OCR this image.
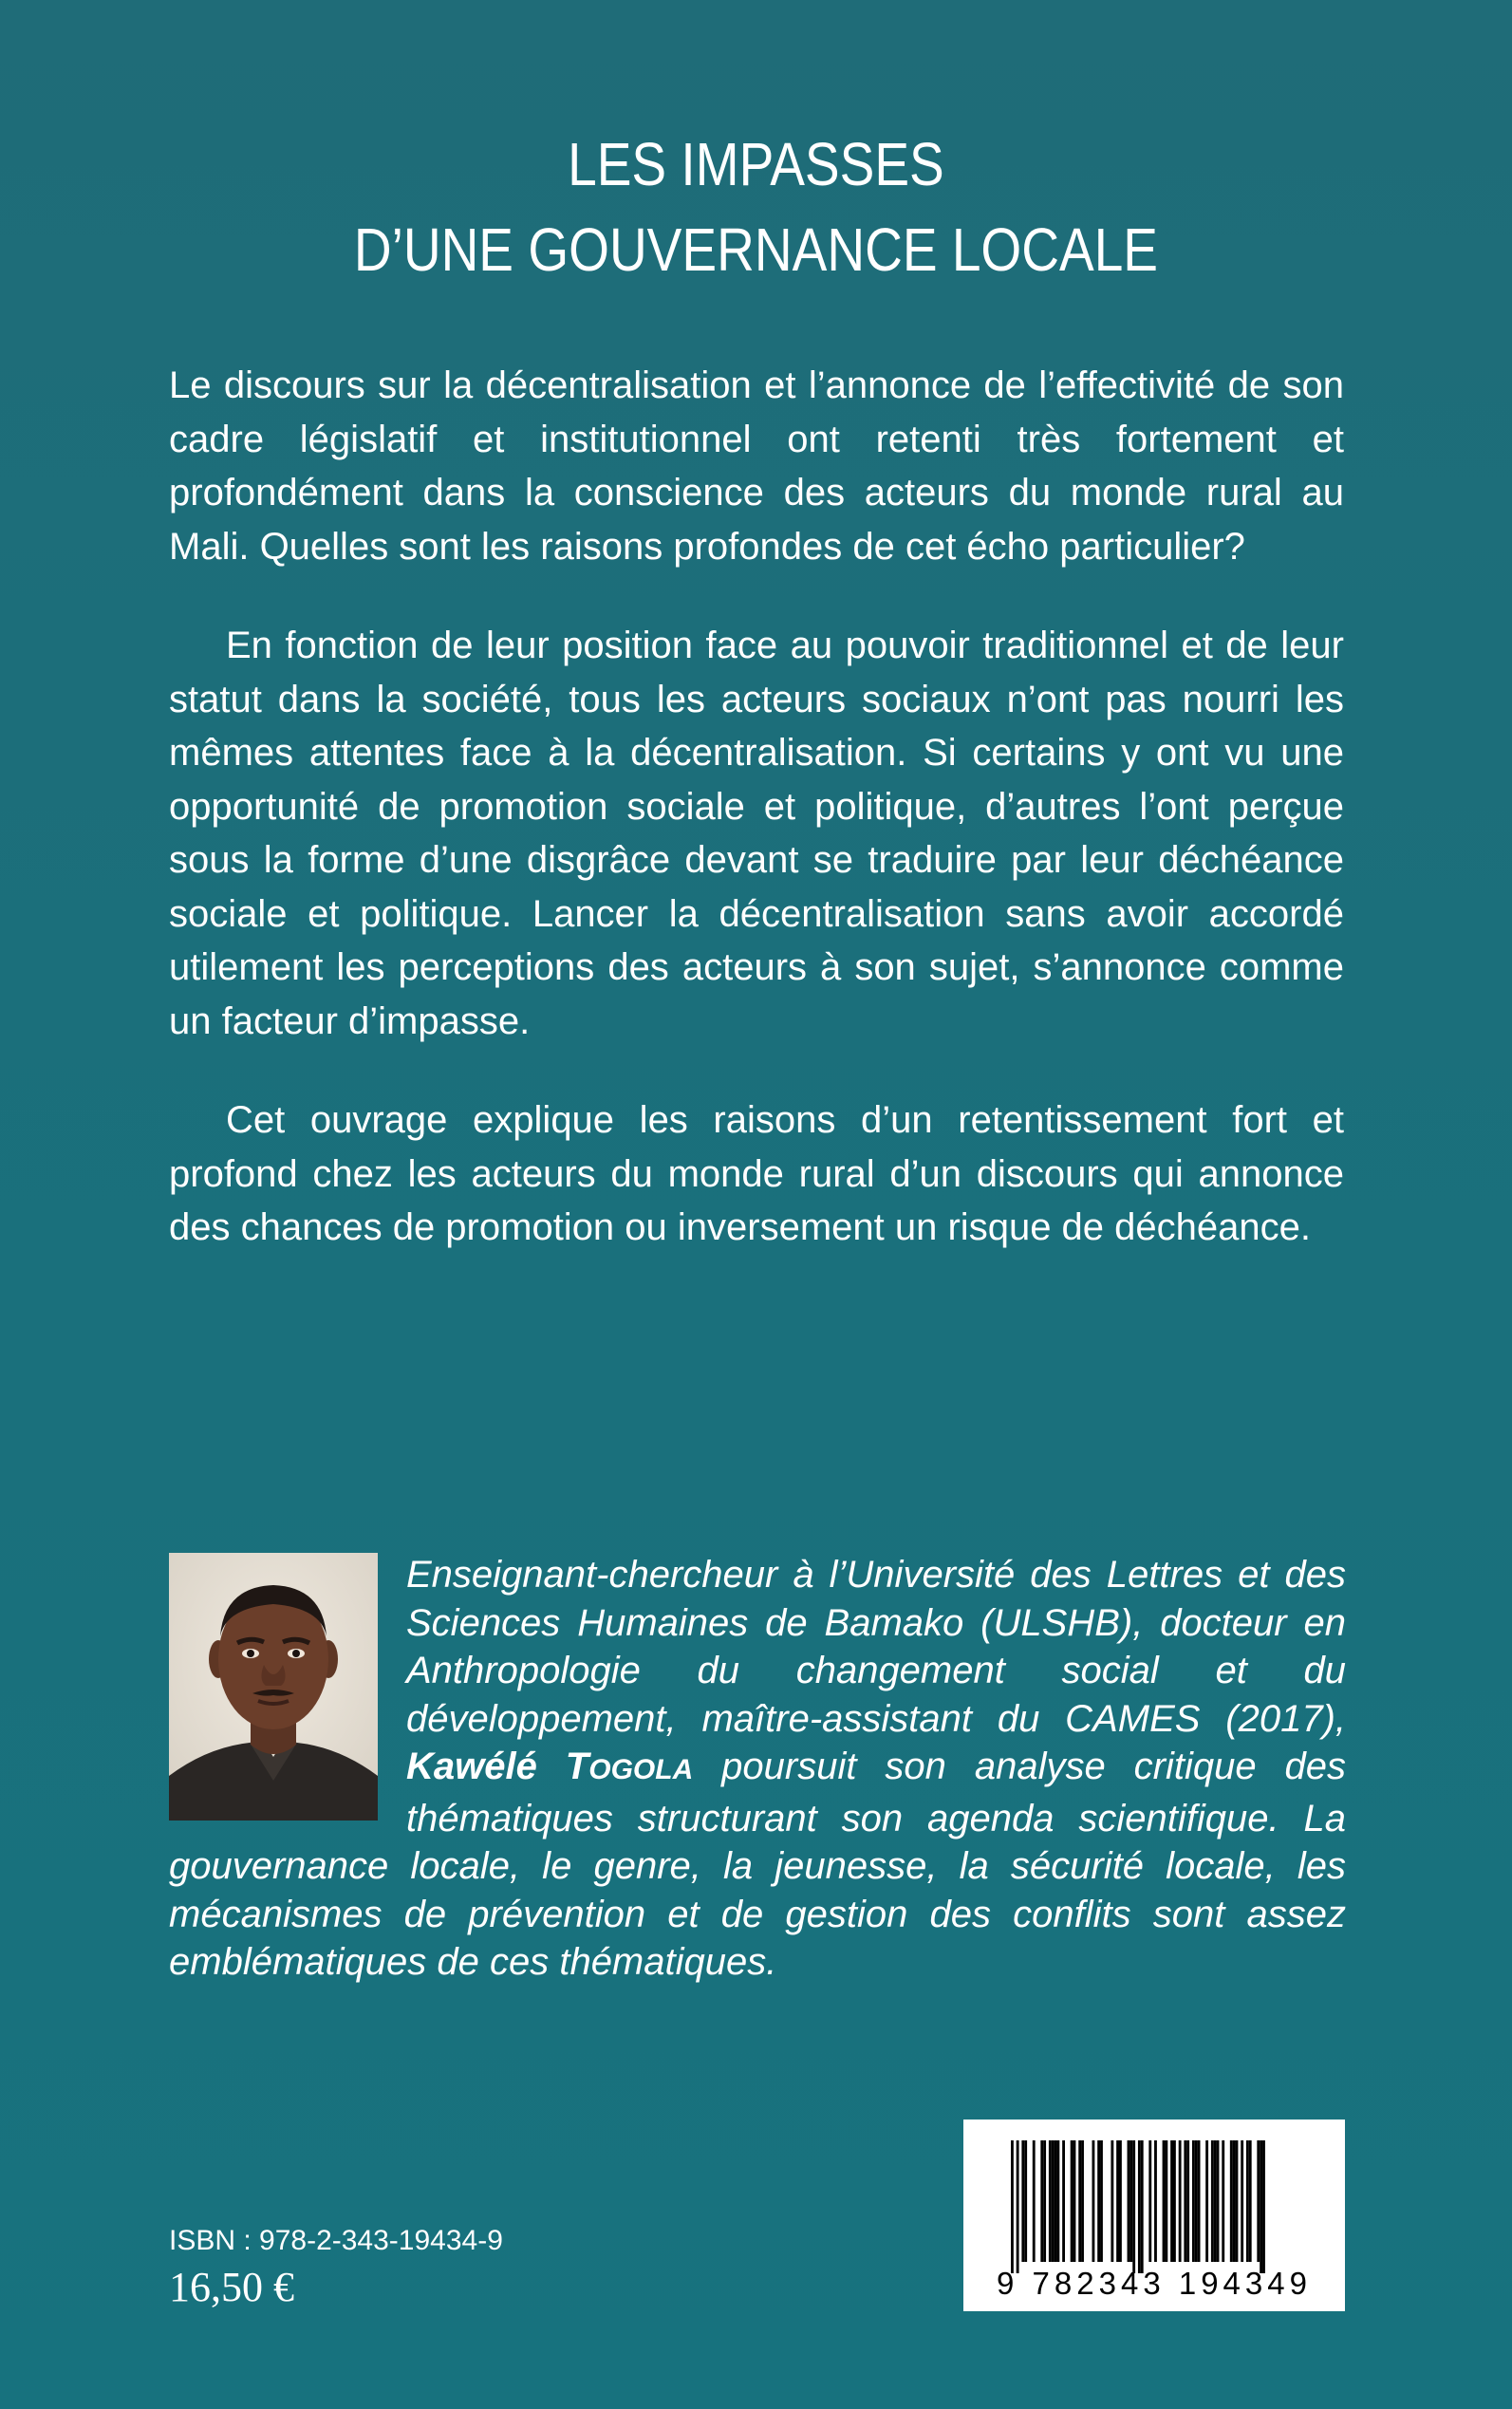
LES IMPASSES
D’UNE GOUVERNANCE LOCALE

Le discours sur la décentralisation et l’annonce de l’effectivité de son cadre législatif et institutionnel ont retenti très fortement et profondément dans la conscience des acteurs du monde rural au Mali. Quelles sont les raisons profondes de cet écho particulier?

En fonction de leur position face au pouvoir traditionnel et de leur statut dans la société, tous les acteurs sociaux n’ont pas nourri les mêmes attentes face à la décentralisation. Si certains y ont vu une opportunité de promotion sociale et politique, d’autres l’ont perçue sous la forme d’une disgrâce devant se traduire par leur déchéance sociale et politique. Lancer la décentralisation sans avoir accordé utilement les perceptions des acteurs à son sujet, s’annonce comme un facteur d’impasse.

Cet ouvrage explique les raisons d’un retentissement fort et profond chez les acteurs du monde rural d’un discours qui annonce des chances de promotion ou inversement un risque de déchéance.

Enseignant-chercheur à l’Université des Lettres et des Sciences Humaines de Bamako (ULSHB), docteur en Anthropologie du changement social et du développement, maître-assistant du CAMES (2017), Kawélé TOGOLA poursuit son analyse critique des thématiques structurant son agenda scientifique. La gouvernance locale, le genre, la jeunesse, la sécurité locale, les mécanismes de prévention et de gestion des conflits sont assez emblématiques de ces thématiques.
ISBN : 978-2-343-19434-9
16,50 €	9 782343 194349
